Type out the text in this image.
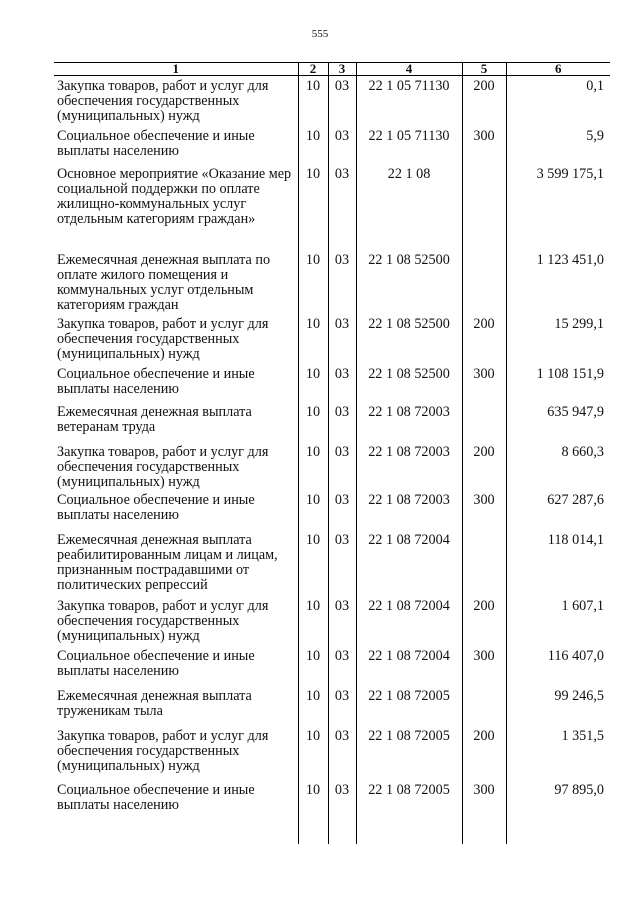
555
1	2	3	4	5	6
Закупка товаров, работ и услуг для обеспечения государственных (муниципальных) нужд	10	03	22 1 05 71130	200	0,1
Социальное обеспечение и иные выплаты населению	10	03	22 1 05 71130	300	5,9
Основное мероприятие «Оказание мер социальной поддержки по оплате жилищно-коммунальных услуг отдельным категориям граждан»	10	03	22 1 08		3 599 175,1
Ежемесячная денежная выплата по оплате жилого помещения и коммунальных услуг отдельным категориям граждан	10	03	22 1 08 52500		1 123 451,0
Закупка товаров, работ и услуг для обеспечения государственных (муниципальных) нужд	10	03	22 1 08 52500	200	15 299,1
Социальное обеспечение и иные выплаты населению	10	03	22 1 08 52500	300	1 108 151,9
Ежемесячная денежная выплата ветеранам труда	10	03	22 1 08 72003		635 947,9
Закупка товаров, работ и услуг для обеспечения государственных (муниципальных) нужд	10	03	22 1 08 72003	200	8 660,3
Социальное обеспечение и иные выплаты населению	10	03	22 1 08 72003	300	627 287,6
Ежемесячная денежная выплата реабилитированным лицам и лицам, признанным пострадавшими от политических репрессий	10	03	22 1 08 72004		118 014,1
Закупка товаров, работ и услуг для обеспечения государственных (муниципальных) нужд	10	03	22 1 08 72004	200	1 607,1
Социальное обеспечение и иные выплаты населению	10	03	22 1 08 72004	300	116 407,0
Ежемесячная денежная выплата труженикам тыла	10	03	22 1 08 72005		99 246,5
Закупка товаров, работ и услуг для обеспечения государственных (муниципальных) нужд	10	03	22 1 08 72005	200	1 351,5
Социальное обеспечение и иные выплаты населению	10	03	22 1 08 72005	300	97 895,0
